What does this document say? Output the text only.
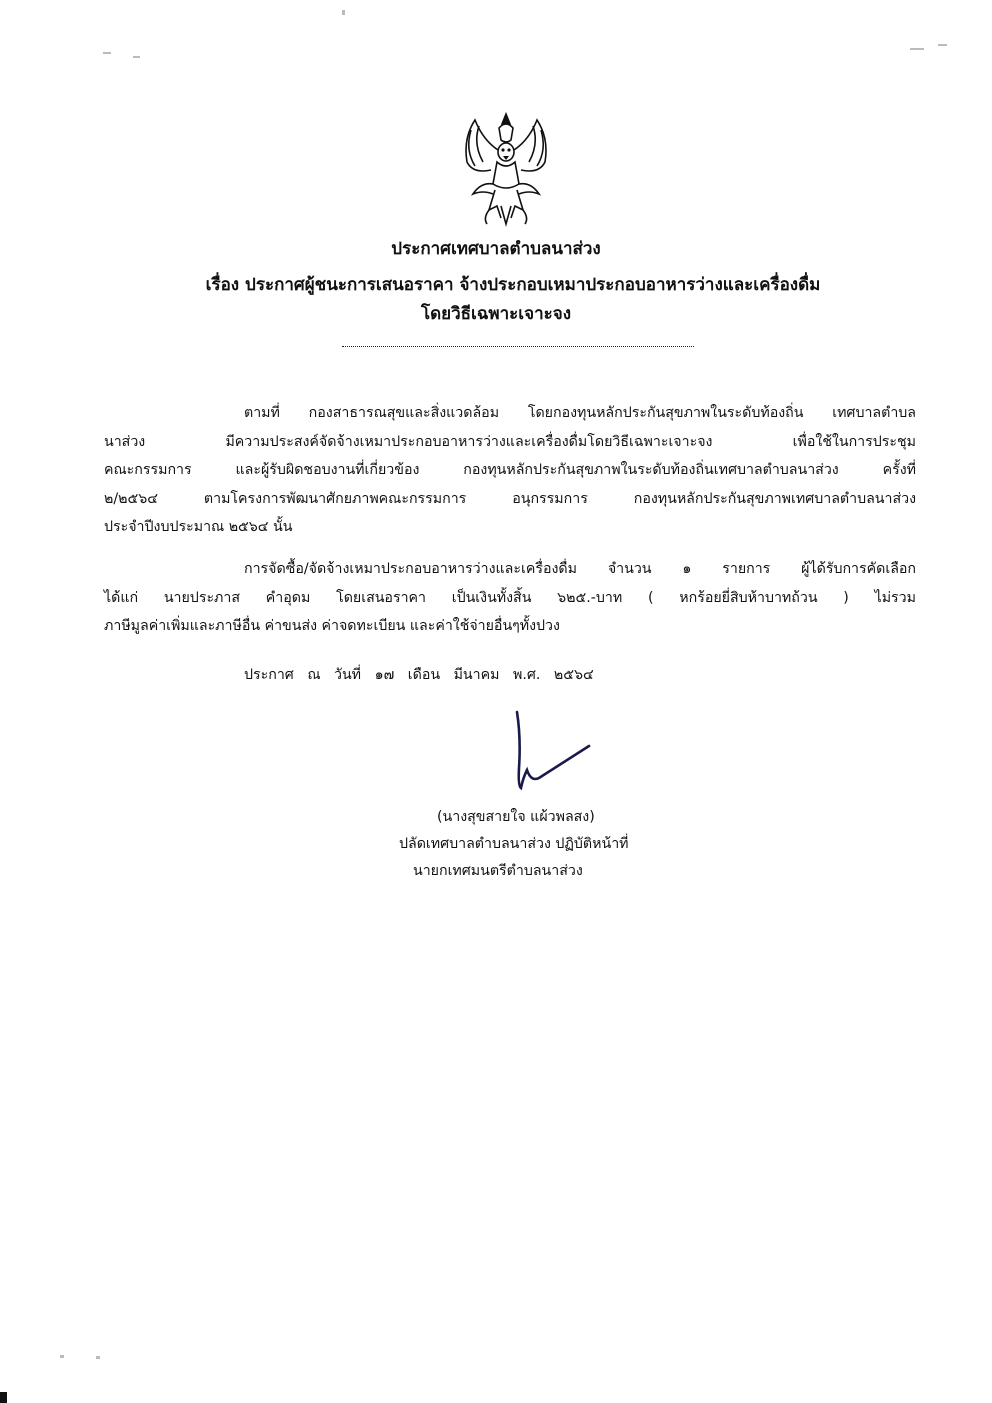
ประกาศเทศบาลตำบลนาส่วง
เรื่อง ประกาศผู้ชนะการเสนอราคา จ้างประกอบเหมาประกอบอาหารว่างและเครื่องดื่ม
โดยวิธีเฉพาะเจาะจง
ตามที่ กองสาธารณสุขและสิ่งแวดล้อม โดยกองทุนหลักประกันสุขภาพในระดับท้องถิ่น เทศบาลตำบล
นาส่วง มีความประสงค์จัดจ้างเหมาประกอบอาหารว่างและเครื่องดื่มโดยวิธีเฉพาะเจาะจง เพื่อใช้ในการประชุม
คณะกรรมการ และผู้รับผิดชอบงานที่เกี่ยวข้อง กองทุนหลักประกันสุขภาพในระดับท้องถิ่นเทศบาลตำบลนาส่วง ครั้งที่
๒/๒๕๖๔ ตามโครงการพัฒนาศักยภาพคณะกรรมการ อนุกรรมการ กองทุนหลักประกันสุขภาพเทศบาลตำบลนาส่วง
ประจำปีงบประมาณ ๒๕๖๔ นั้น
การจัดซื้อ/จัดจ้างเหมาประกอบอาหารว่างและเครื่องดื่ม จำนวน ๑ รายการ ผู้ได้รับการคัดเลือก
ได้แก่ นายประภาส คำอุดม โดยเสนอราคา เป็นเงินทั้งสิ้น ๖๒๕.-บาท ( หกร้อยยี่สิบห้าบาทถ้วน ) ไม่รวม
ภาษีมูลค่าเพิ่มและภาษีอื่น ค่าขนส่ง ค่าจดทะเบียน และค่าใช้จ่ายอื่นๆทั้งปวง
ประกาศ ณ วันที่ ๑๗ เดือน มีนาคม พ.ศ. ๒๕๖๔
(นางสุขสายใจ แผ้วพลสง)
ปลัดเทศบาลตำบลนาส่วง ปฏิบัติหน้าที่
นายกเทศมนตรีตำบลนาส่วง
